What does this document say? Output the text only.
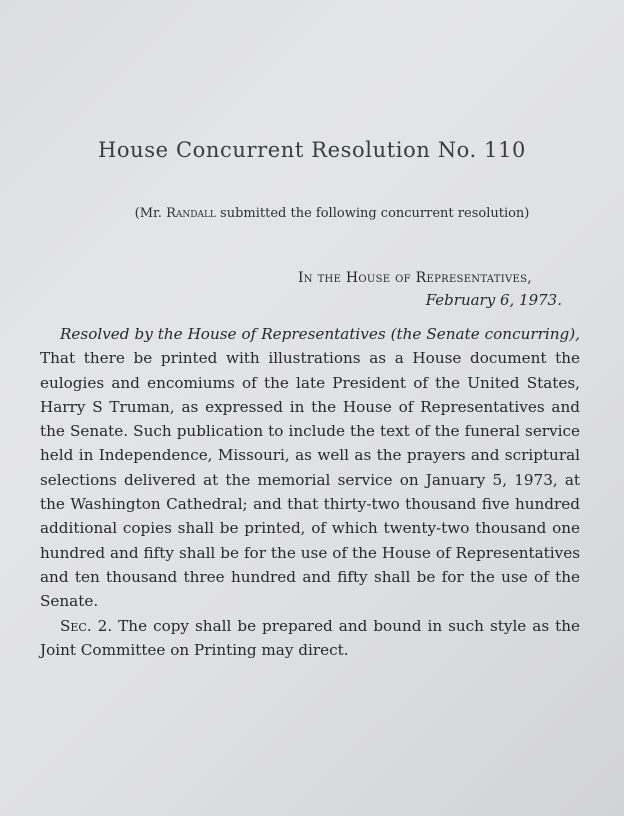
House Concurrent Resolution No. 110
(Mr. Randall submitted the following concurrent resolution)
In the House of Representatives,
February 6, 1973.

Resolved by the House of Representatives (the Senate concurring), That there be printed with illustrations as a House document the eulogies and encomiums of the late President of the United States, Harry S Truman, as expressed in the House of Representatives and the Senate. Such publication to include the text of the funeral service held in Independence, Missouri, as well as the prayers and scriptural selections delivered at the memorial service on January 5, 1973, at the Washington Cathedral; and that thirty-two thousand five hundred additional copies shall be printed, of which twenty-two thousand one hundred and fifty shall be for the use of the House of Representatives and ten thousand three hundred and fifty shall be for the use of the Senate.

Sec. 2. The copy shall be prepared and bound in such style as the Joint Committee on Printing may direct.
